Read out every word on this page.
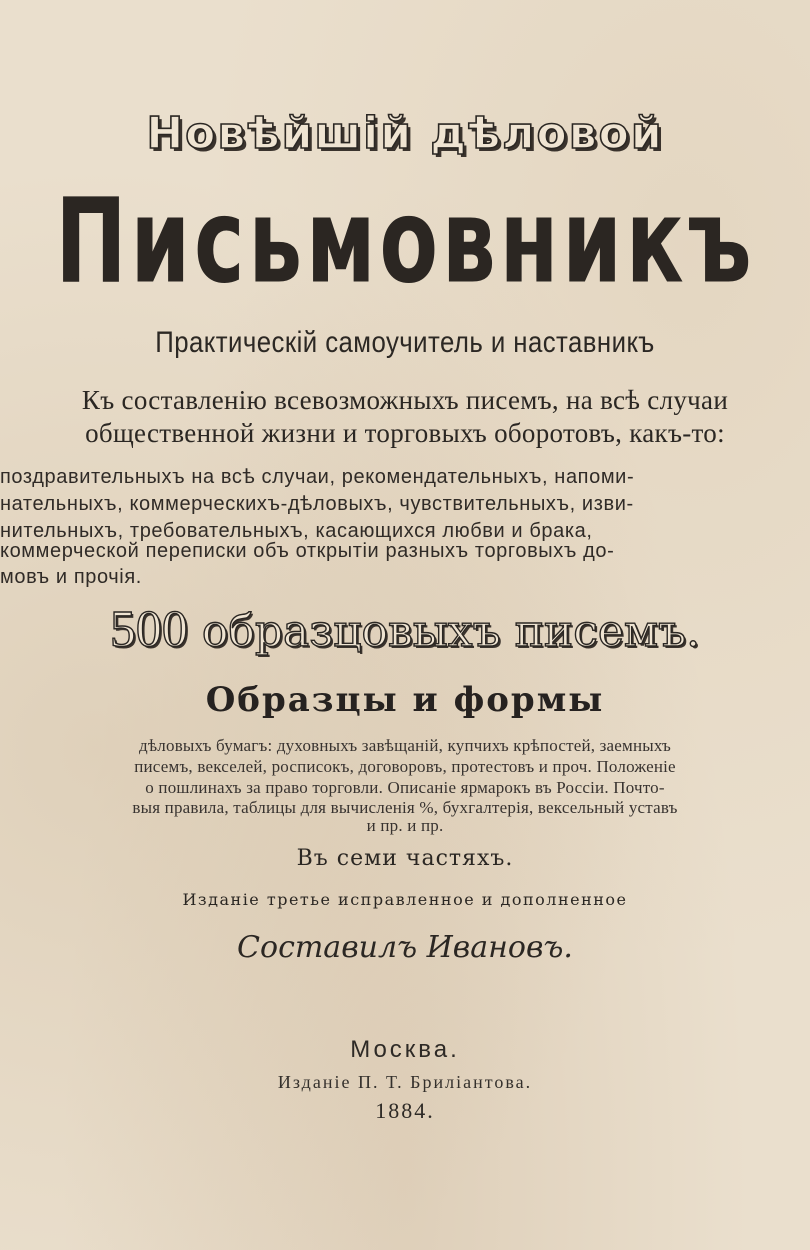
Новѣйшій дѣловой
Письмовникъ
Практическій самоучитель и наставникъ
Къ составленію всевозможныхъ писемъ, на всѣ случаи
общественной жизни и торговыхъ оборотовъ, какъ-то:
поздравительныхъ на всѣ случаи, рекомендательныхъ, напоми-
нательныхъ, коммерческихъ-дѣловыхъ, чувствительныхъ, изви-
нительныхъ, требовательныхъ, касающихся любви и брака,
коммерческой переписки объ открытіи разныхъ торговыхъ до-
мовъ и прочія.
500 образцовыхъ писемъ.
Образцы и формы
дѣловыхъ бумагъ: духовныхъ завѣщаній, купчихъ крѣпостей, заемныхъ
писемъ, векселей, росписокъ, договоровъ, протестовъ и проч. Положеніе
о пошлинахъ за право торговли. Описаніе ярмарокъ въ Россіи. Почто-
выя правила, таблицы для вычисленія %, бухгалтерія, вексельный уставъ
и пр. и пр.
Въ семи частяхъ.
Изданіе третье исправленное и дополненное
Составилъ Ивановъ.
Москва.
Изданіе П. Т. Бриліантова.
1884.
